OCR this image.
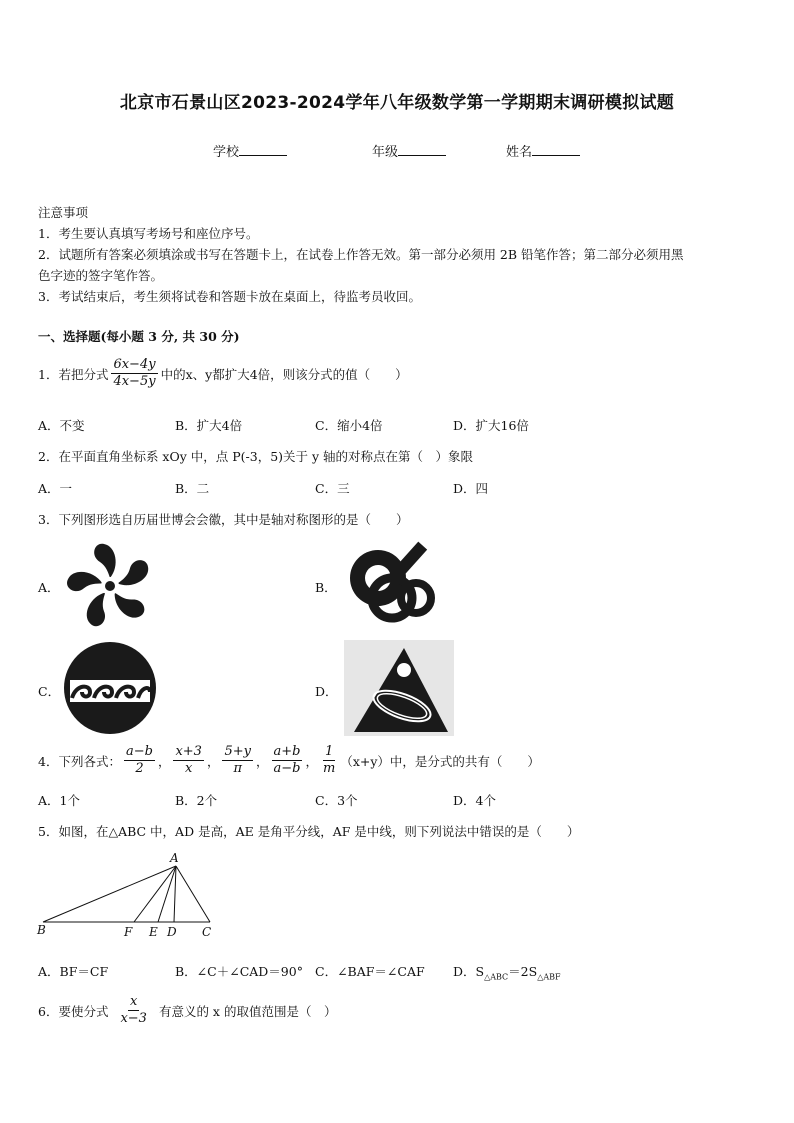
北京市石景山区2023-2024学年八年级数学第一学期期末调研模拟试题
学校	年级	姓名
注意事项
1．考生要认真填写考场号和座位序号。
2．试题所有答案必须填涂或书写在答题卡上，在试卷上作答无效。第一部分必须用 2B 铅笔作答；第二部分必须用黑
色字迹的签字笔作答。
3．考试结束后，考生须将试卷和答题卡放在桌面上，待监考员收回。
一、选择题(每小题 3 分, 共 30 分)
1．若把分式 $\frac{6x-4y}{4x-5y}$ 中的x、y都扩大4倍，则该分式的值（　　）
A．不变	B．扩大4倍	C．缩小4倍	D．扩大16倍
2．在平面直角坐标系 xOy 中，点 P(-3，5)关于 y 轴的对称点在第（　）象限
A．一	B．二	C．三	D．四
3．下列图形选自历届世博会会徽，其中是轴对称图形的是（　　）
A．	B．
C．	D．
4．下列各式： $\frac{a-b}{2}$ ， $\frac{x+3}{x}$ ， $\frac{5+y}{\pi}$ ， $\frac{a+b}{a-b}$ ， $\frac{1}{m} (x+y)$中，是分式的共有（　　）
A．1个	B．2个	C．3个	D．4个
5．如图，在△ABC 中，AD 是高，AE 是角平分线，AF 是中线，则下列说法中错误的是（　　）
A
B	F E D C
A．BF＝CF	B．∠C＋∠CAD＝90° C．∠BAF＝∠CAF D．$S_{\triangle ABC}=2S_{\triangle ABF}$
6．要使分式 $\frac{x}{x-3}$ 有意义的 x 的取值范围是（　）
